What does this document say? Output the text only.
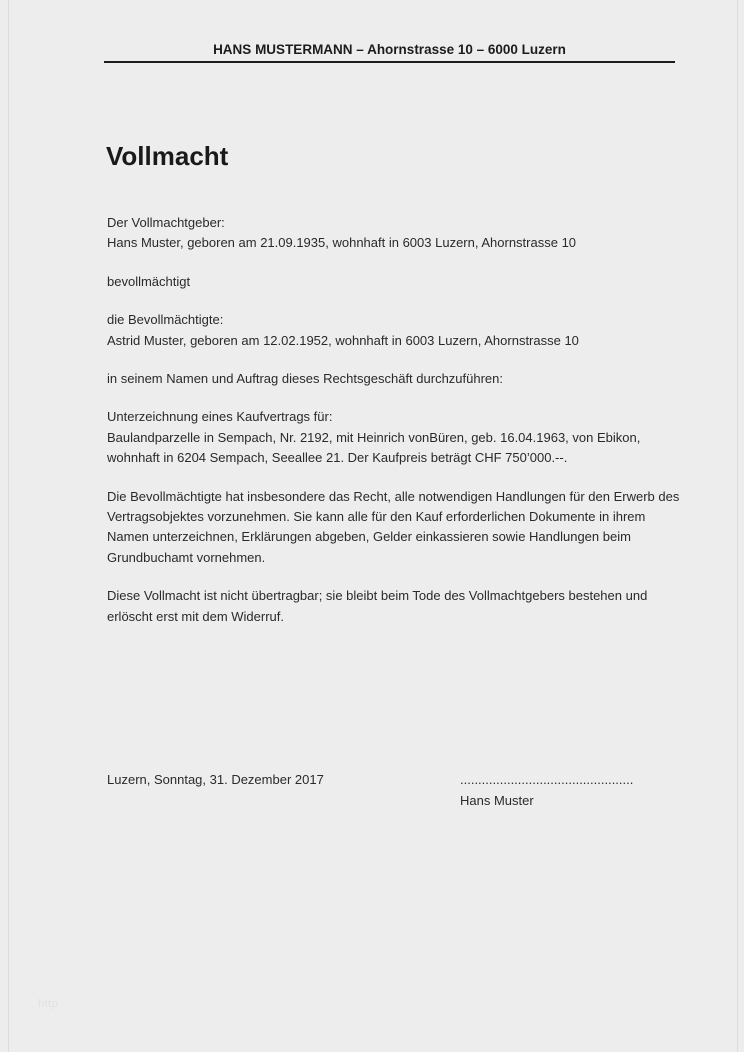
HANS MUSTERMANN – Ahornstrasse 10 – 6000 Luzern
Vollmacht
Der Vollmachtgeber:
Hans Muster, geboren am 21.09.1935, wohnhaft in 6003 Luzern, Ahornstrasse 10
bevollmächtigt
die Bevollmächtigte:
Astrid Muster, geboren am 12.02.1952, wohnhaft in 6003 Luzern, Ahornstrasse 10
in seinem Namen und Auftrag dieses Rechtsgeschäft durchzuführen:
Unterzeichnung eines Kaufvertrags für:
Baulandparzelle in Sempach, Nr. 2192, mit Heinrich vonBüren, geb. 16.04.1963, von Ebikon,
wohnhaft in 6204 Sempach, Seeallee 21. Der Kaufpreis beträgt CHF 750’000.--.
Die Bevollmächtigte hat insbesondere das Recht, alle notwendigen Handlungen für den Erwerb des
Vertragsobjektes vorzunehmen. Sie kann alle für den Kauf erforderlichen Dokumente in ihrem
Namen unterzeichnen, Erklärungen abgeben, Gelder einkassieren sowie Handlungen beim
Grundbuchamt vornehmen.
Diese Vollmacht ist nicht übertragbar; sie bleibt beim Tode des Vollmachtgebers bestehen und
erlöscht erst mit dem Widerruf.
Luzern, Sonntag, 31. Dezember 2017	................................................
Hans Muster
http
